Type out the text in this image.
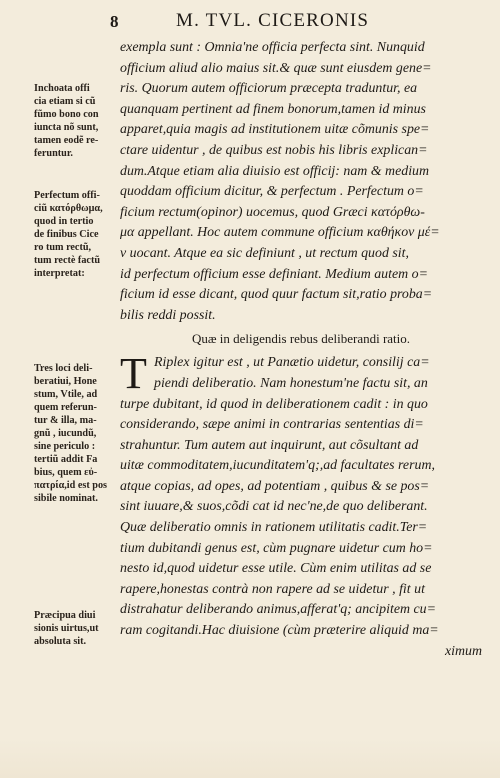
8	M. TVL. CICERONIS
exempla sunt : Omnia'ne officia perfecta sint. Nunquid
officium aliud alio maius sit.& quæ sunt eiusdem gene=
ris. Quorum autem officiorum præcepta traduntur, ea
quanquam pertinent ad finem bonorum,tamen id minus
apparet,quia magis ad institutionem uitæ cõmunis spe=
ctare uidentur , de quibus est nobis his libris explican=
dum.Atque etiam alia diuisio est officij: nam & medium
quoddam officium dicitur, & perfectum . Perfectum o=
ficium rectum(opinor) uocemus, quod Græci κατόρθω-
μα appellant. Hoc autem commune officium καθήκον μέ=
ν uocant. Atque ea sic definiunt , ut rectum quod sit,
id perfectum officium esse definiant. Medium autem o=
ficium id esse dicant, quod quur factum sit,ratio proba=
bilis reddi possit.
Quæ in deligendis rebus deliberandi ratio.
T Riplex igitur est , ut Panætio uidetur, consilij ca=
piendi deliberatio. Nam honestum'ne factu sit, an
turpe dubitant, id quod in deliberationem cadit : in quo
considerando, sæpe animi in contrarias sententias di=
strahuntur. Tum autem aut inquirunt, aut cõsultant ad
uitæ commoditatem,iucunditatem'q;,ad facultates rerum,
atque copias, ad opes, ad potentiam , quibus & se pos=
sint iuuare,& suos,cõdi cat id nec'ne,de quo deliberant.
Quæ deliberatio omnis in rationem utilitatis cadit.Ter=
tium dubitandi genus est, cùm pugnare uidetur cum ho=
nesto id,quod uidetur esse utile. Cùm enim utilitas ad se
rapere,honestas contrà non rapere ad se uidetur , fit ut
distrahatur deliberando animus,afferat'q; ancipitem cu=
ram cogitandi.Hac diuisione (cùm præterire aliquid ma=
ximum
Inchoata offi
cia etiam si cũ
fũmo bono con
iuncta nõ sunt,
tamen eodẽ re-
feruntur.
Perfectum offi-
ciũ κατόρθωμα,
quod in tertio
de finibus Cice
ro tum rectũ,
tum rectè factũ
interpretat:
Tres loci deli-
beratiui, Hone
stum, Vtile, ad
quem referun-
tur & illa, ma-
gnũ , iucundũ,
sine periculo :
tertiũ addit Fa
bius, quem εὐ-
πατρία,id est pos
sibile nominat.
Præcipua diui
sionis uirtus,ut
absoluta sit.
